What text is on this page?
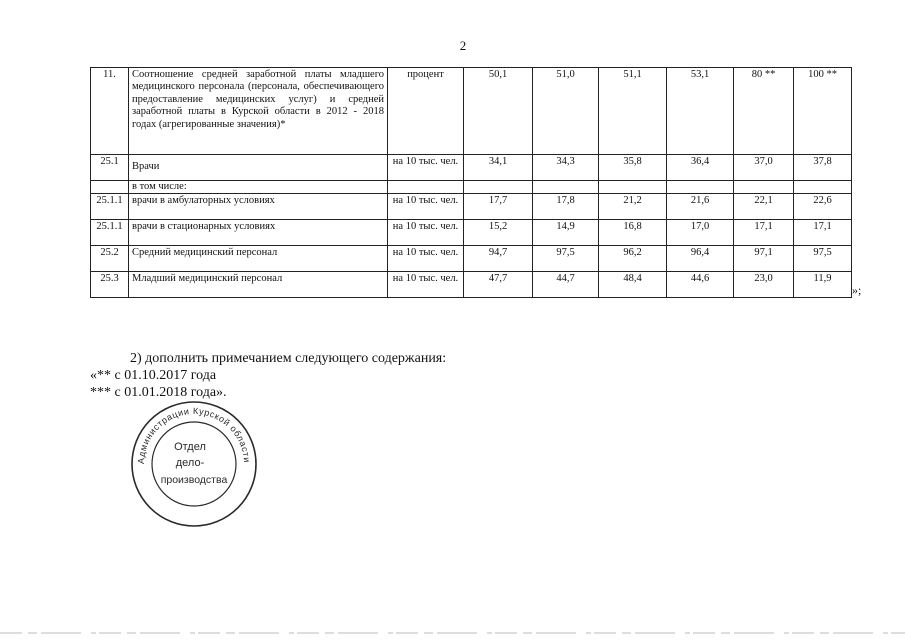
2
11.	Соотношение средней заработной платы младшего медицинского персонала (персонала, обеспечивающего предоставление медицинских услуг) и средней заработной платы в Курской области в 2012 - 2018 годах (агрегированные значения)*	процент	50,1	51,0	51,1	53,1	80 **	100 **
25.1	Врачи	на 10 тыс. чел.	34,1	34,3	35,8	36,4	37,0	37,8
	в том числе:							
25.1.1	врачи в амбулаторных условиях	на 10 тыс. чел.	17,7	17,8	21,2	21,6	22,1	22,6
25.1.1	врачи в стационарных условиях	на 10 тыс. чел.	15,2	14,9	16,8	17,0	17,1	17,1
25.2	Средний медицинский персонал	на 10 тыс. чел.	94,7	97,5	96,2	96,4	97,1	97,5
25.3	Младший медицинский персонал	на 10 тыс. чел.	47,7	44,7	48,4	44,6	23,0	11,9
»;
2) дополнить примечанием следующего содержания:
«** с 01.10.2017 года
*** с 01.01.2018 года».
Администрации Курской области
Отдел
дело-
производства
